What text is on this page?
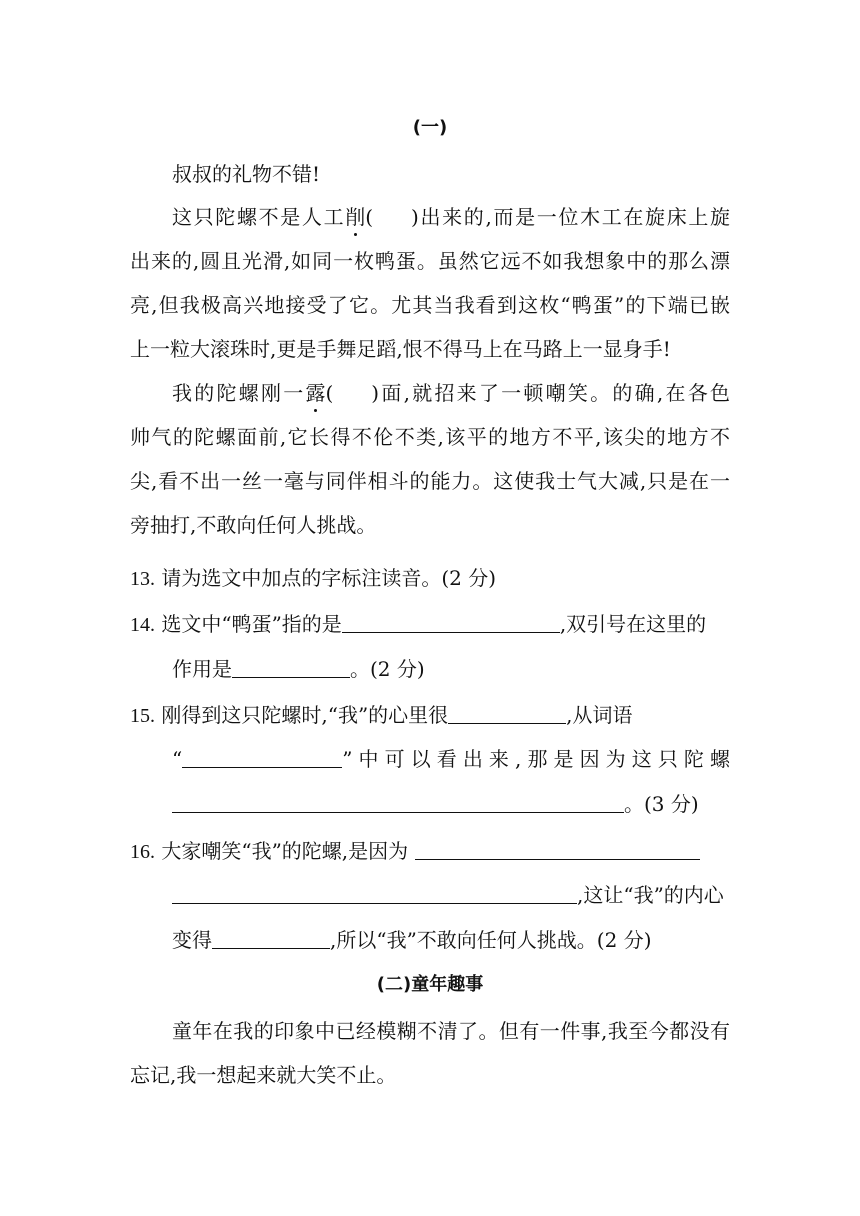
(一)
叔叔的礼物不错!
这只陀螺不是人工削( )出来的,而是一位木工在旋床上旋
出来的,圆且光滑,如同一枚鸭蛋。虽然它远不如我想象中的那么漂
亮,但我极高兴地接受了它。尤其当我看到这枚“鸭蛋”的下端已嵌
上一粒大滚珠时,更是手舞足蹈,恨不得马上在马路上一显身手!
我的陀螺刚一露( )面,就招来了一顿嘲笑。的确,在各色
帅气的陀螺面前,它长得不伦不类,该平的地方不平,该尖的地方不
尖,看不出一丝一毫与同伴相斗的能力。这使我士气大减,只是在一
旁抽打,不敢向任何人挑战。
13. 请为选文中加点的字标注读音。(2 分)
14. 选文中“鸭蛋”指的是	,双引号在这里的
作用是	。(2 分)
15. 刚得到这只陀螺时,“我”的心里很	,从词语
“	”中可以看出来,那是因为这只陀螺
。(3 分)
16. 大家嘲笑“我”的陀螺,是因为
,这让“我”的内心
变得	,所以“我”不敢向任何人挑战。(2 分)
(二)童年趣事
童年在我的印象中已经模糊不清了。但有一件事,我至今都没有
忘记,我一想起来就大笑不止。
